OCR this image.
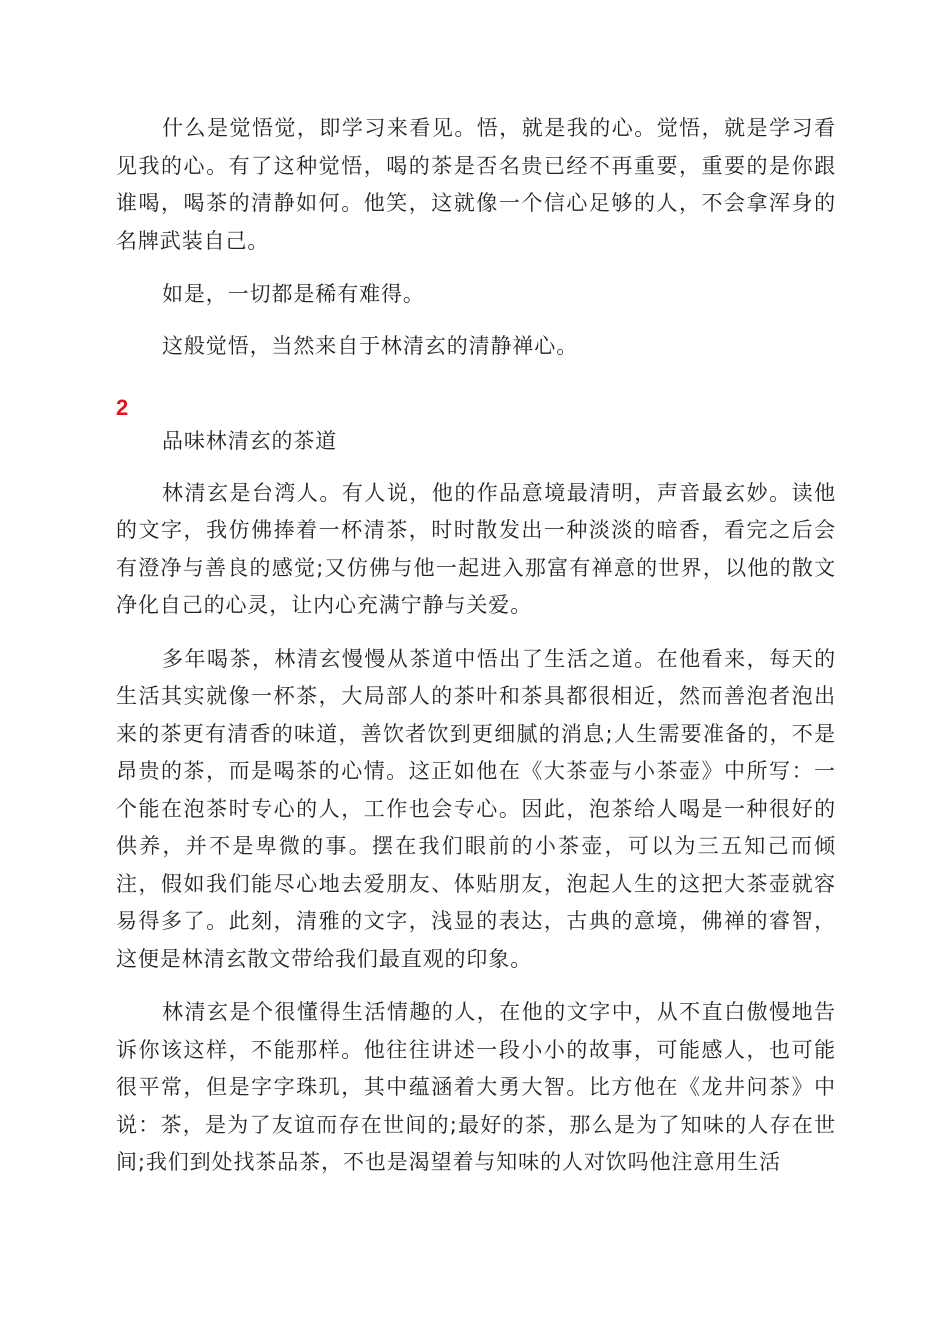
什么是觉悟觉，即学习来看见。悟，就是我的心。觉悟，就是学习看见我的心。有了这种觉悟，喝的茶是否名贵已经不再重要，重要的是你跟谁喝，喝茶的清静如何。他笑，这就像一个信心足够的人，不会拿浑身的名牌武装自己。

如是，一切都是稀有难得。

这般觉悟，当然来自于林清玄的清静禅心。

品味林清玄的茶道

林清玄是台湾人。有人说，他的作品意境最清明，声音最玄妙。读他的文字，我仿佛捧着一杯清茶，时时散发出一种淡淡的暗香，看完之后会有澄净与善良的感觉;又仿佛与他一起进入那富有禅意的世界，以他的散文净化自己的心灵，让内心充满宁静与关爱。

多年喝茶，林清玄慢慢从茶道中悟出了生活之道。在他看来，每天的生活其实就像一杯茶，大局部人的茶叶和茶具都很相近，然而善泡者泡出来的茶更有清香的味道，善饮者饮到更细腻的消息;人生需要准备的，不是昂贵的茶，而是喝茶的心情。这正如他在《大茶壶与小茶壶》中所写：一个能在泡茶时专心的人，工作也会专心。因此，泡茶给人喝是一种很好的供养，并不是卑微的事。摆在我们眼前的小茶壶，可以为三五知己而倾注，假如我们能尽心地去爱朋友、体贴朋友，泡起人生的这把大茶壶就容易得多了。此刻，清雅的文字，浅显的表达，古典的意境，佛禅的睿智，这便是林清玄散文带给我们最直观的印象。

林清玄是个很懂得生活情趣的人，在他的文字中，从不直白傲慢地告诉你该这样，不能那样。他往往讲述一段小小的故事，可能感人，也可能很平常，但是字字珠玑，其中蕴涵着大勇大智。比方他在《龙井问茶》中说：茶，是为了友谊而存在世间的;最好的茶，那么是为了知味的人存在世间;我们到处找茶品茶，不也是渴望着与知味的人对饮吗他注意用生活

2
